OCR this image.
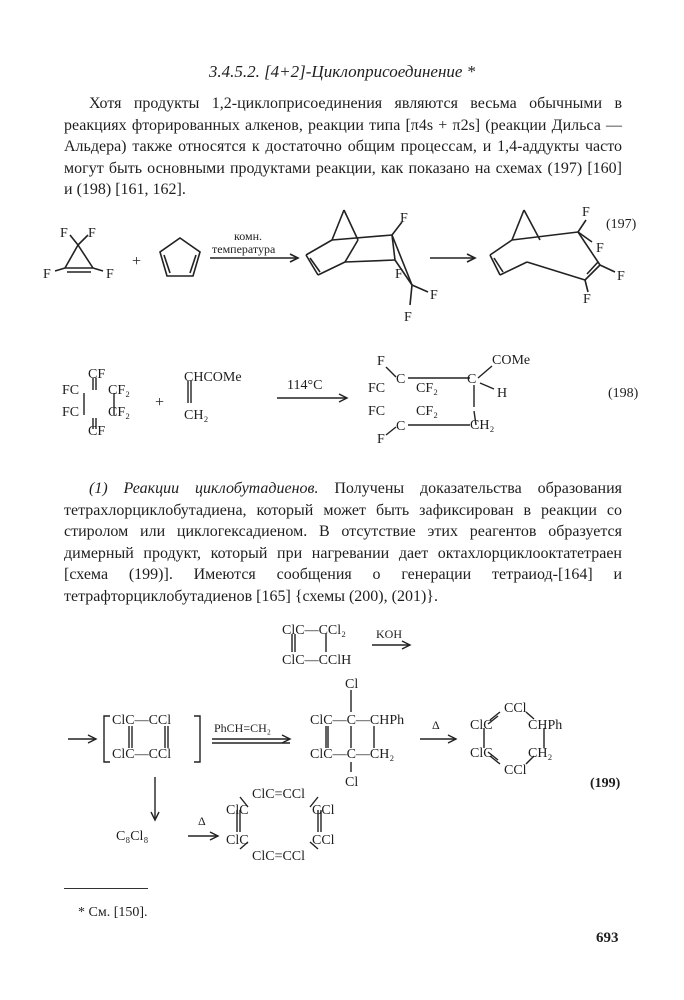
3.4.5.2. [4+2]-Циклоприсоединение *
Хотя продукты 1,2-циклоприсоединения являются весьма обычными в реакциях фторированных алкенов, реакции типа [π4s + π2s] (реакции Дильса — Альдера) также относятся к достаточно общим процессам, и 1,4-аддукты часто могут быть основными продуктами реакции, как показано на схемах (197) [160] и (198) [161, 162].
F F
F	F
+
комн.
температура
F
F
F
F
F
F
F
F
(197)
FC
CF
CF₂
FC CF₂
CF
+
CHCOMe
CH₂
114°С
F
C
COMe
FC CF₂
C
H
FC CF₂
C	CH₂
F
(198)
(1) Реакции циклобутадиенов. Получены доказательства образования тетрахлорциклобутадиена, который может быть зафиксирован в реакции со стиролом или циклогексадиеном. В отсутствие этих реагентов образуется димерный продукт, который при нагревании дает октахлорциклооктатетраен [схема (199)]. Имеются сообщения о генерации тетраиод-[164] и тетрафторциклобутадиенов [165] {схемы (200), (201)}.
ClC—CCl₂
ClC—CClH
KOH
ClC—CCl
ClC—CCl
PhCH=CH₂
Cl
ClC—C—CHPh
ClC—C—CH₂
Cl
Δ
CCl
ClC	CHPh
ClC	CH₂
CCl
(199)
C₈Cl₈
Δ
ClC=CCl
ClC	CCl
ClC	CCl
ClC=CCl
* См. [150].
693
